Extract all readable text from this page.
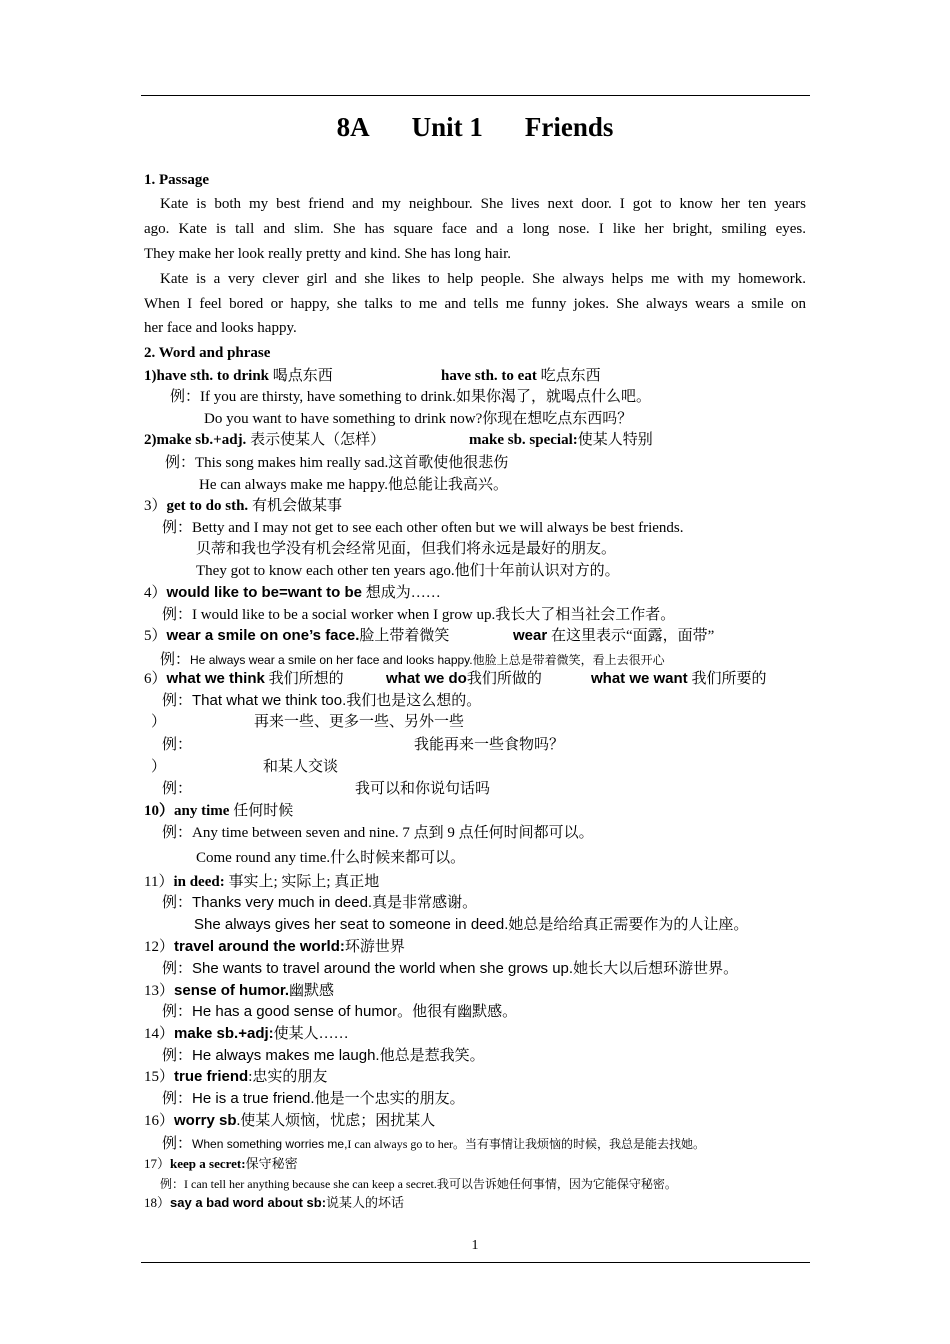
8A Unit 1 Friends
1. Passage
Kate is both my best friend and my neighbour. She lives next door. I got to know her ten years
ago. Kate is tall and slim. She has square face and a long nose. I like her bright, smiling eyes.
They make her look really pretty and kind. She has long hair.
Kate is a very clever girl and she likes to help people. She always helps me with my homework.
When I feel bored or happy, she talks to me and tells me funny jokes. She always wears a smile on
her face and looks happy.
2. Word and phrase
1)have sth. to drink 喝点东西	have sth. to eat 吃点东西
例：If you are thirsty, have something to drink.如果你渴了，就喝点什么吧。
Do you want to have something to drink now?你现在想吃点东西吗？
2)make sb.+adj. 表示使某人（怎样）	make sb. special:使某人特别
例：This song makes him really sad.这首歌使他很悲伤
He can always make me happy.他总能让我高兴。
3）get to do sth. 有机会做某事
例：Betty and I may not get to see each other often but we will always be best friends.
贝蒂和我也学没有机会经常见面，但我们将永远是最好的朋友。
They got to know each other ten years ago.他们十年前认识对方的。
4）would like to be=want to be 想成为……
例：I would like to be a social worker when I grow up.我长大了相当社会工作者。
5）wear a smile on one’s face.脸上带着微笑	wear 在这里表示“面露，面带”
例：He always wear a smile on her face and looks happy.他脸上总是带着微笑，看上去很开心
6）what we think 我们所想的	what we do我们所做的	what we want 我们所要的
例：That what we think too.我们也是这么想的。
）	再来一些、更多一些、另外一些
例：	我能再来一些食物吗？
）	和某人交谈
例：	我可以和你说句话吗
10）any time 任何时候
例：Any time between seven and nine. 7 点到 9 点任何时间都可以。
Come round any time.什么时候来都可以。
11）in deed: 事实上; 实际上; 真正地
例：Thanks very much in deed.真是非常感谢。
She always gives her seat to someone in deed.她总是给给真正需要作为的人让座。
12）travel around the world:环游世界
例：She wants to travel around the world when she grows up.她长大以后想环游世界。
13）sense of humor.幽默感
例：He has a good sense of humor。他很有幽默感。
14）make sb.+adj:使某人……
例：He always makes me laugh.他总是惹我笑。
15）true friend:忠实的朋友
例：He is a true friend.他是一个忠实的朋友。
16）worry sb.使某人烦恼，忧虑；困扰某人
例：When something worries me,I can always go to her。当有事情让我烦恼的时候，我总是能去找她。
17）keep a secret:保守秘密
例：I can tell her anything because she can keep a secret.我可以告诉她任何事情，因为它能保守秘密。
18）say a bad word about sb:说某人的坏话
1
